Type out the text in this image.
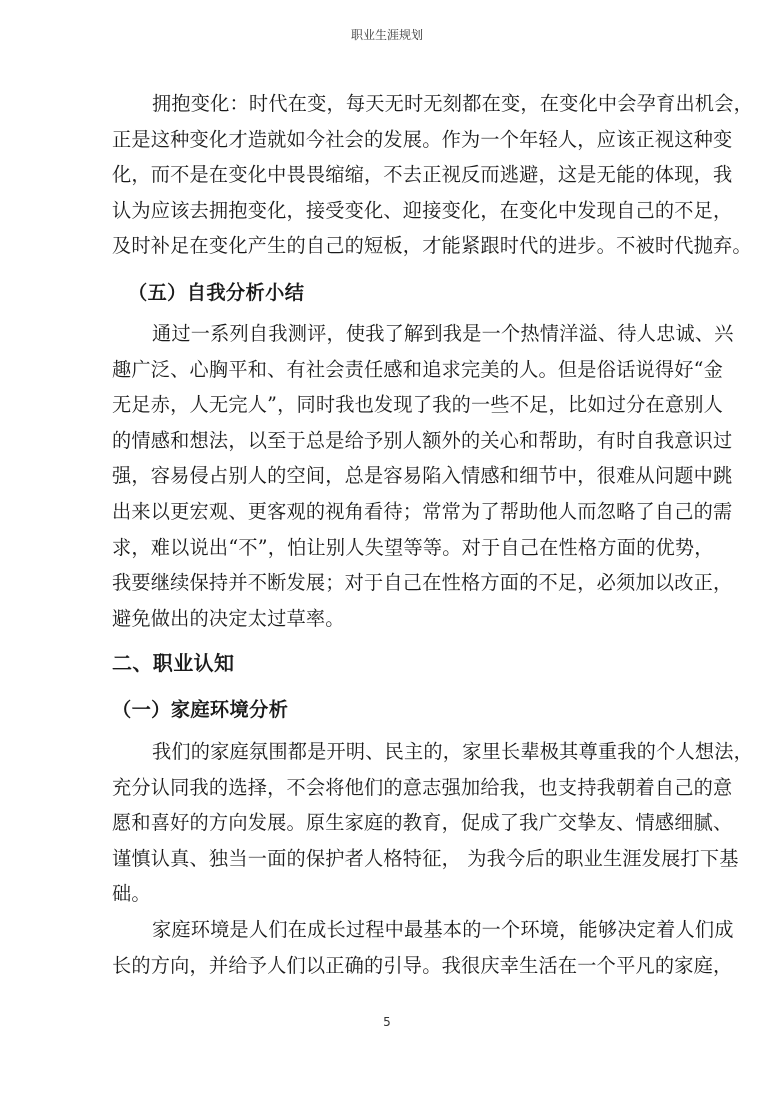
职业生涯规划
拥抱变化：时代在变，每天无时无刻都在变，在变化中会孕育出机会，
正是这种变化才造就如今社会的发展。作为一个年轻人，应该正视这种变
化，而不是在变化中畏畏缩缩，不去正视反而逃避，这是无能的体现，我
认为应该去拥抱变化，接受变化、迎接变化，在变化中发现自己的不足，
及时补足在变化产生的自己的短板，才能紧跟时代的进步。不被时代抛弃。
（五）自我分析小结
通过一系列自我测评，使我了解到我是一个热情洋溢、待人忠诚、兴
趣广泛、心胸平和、有社会责任感和追求完美的人。但是俗话说得好“金
无足赤，人无完人”，同时我也发现了我的一些不足，比如过分在意别人
的情感和想法，以至于总是给予别人额外的关心和帮助，有时自我意识过
强，容易侵占别人的空间，总是容易陷入情感和细节中，很难从问题中跳
出来以更宏观、更客观的视角看待；常常为了帮助他人而忽略了自己的需
求，难以说出“不”，怕让别人失望等等。对于自己在性格方面的优势，
我要继续保持并不断发展；对于自己在性格方面的不足，必须加以改正，
避免做出的决定太过草率。
二、职业认知
（一）家庭环境分析
我们的家庭氛围都是开明、民主的，家里长辈极其尊重我的个人想法，
充分认同我的选择，不会将他们的意志强加给我，也支持我朝着自己的意
愿和喜好的方向发展。原生家庭的教育，促成了我广交挚友、情感细腻、
谨慎认真、独当一面的保护者人格特征， 为我今后的职业生涯发展打下基
础。
家庭环境是人们在成长过程中最基本的一个环境，能够决定着人们成
长的方向，并给予人们以正确的引导。我很庆幸生活在一个平凡的家庭，
5
